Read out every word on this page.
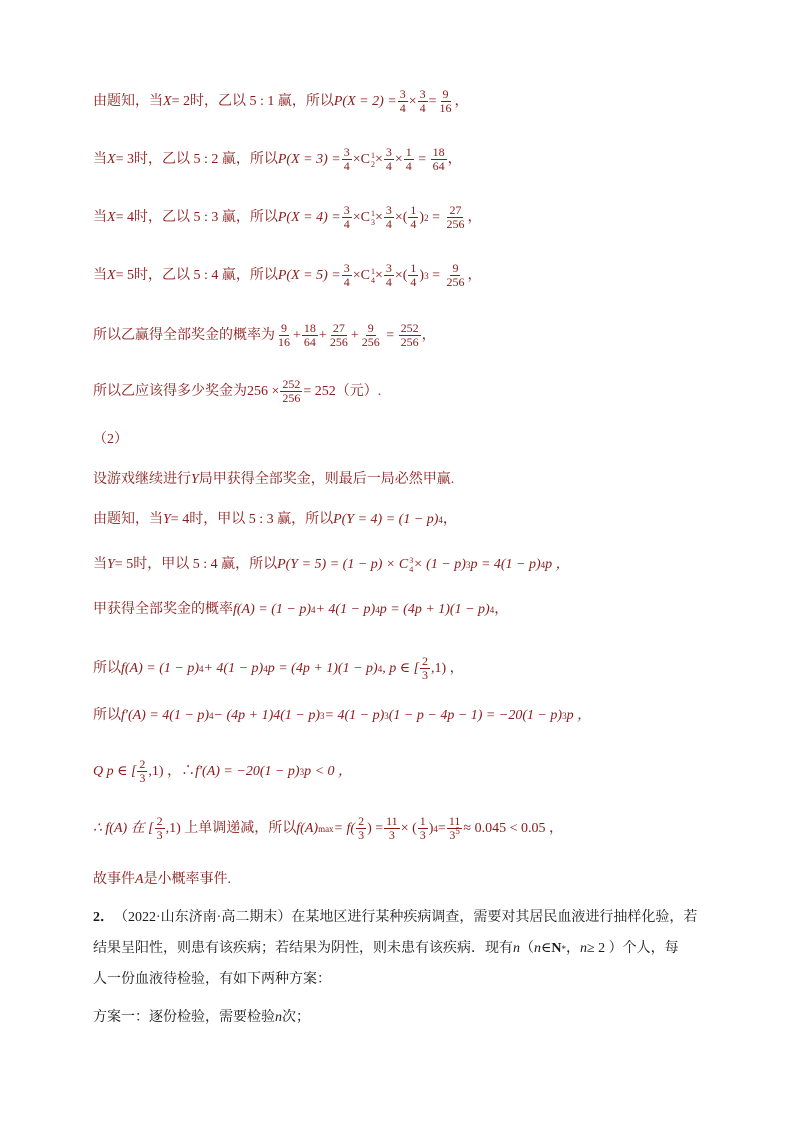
由题知，当 X = 2时，乙以 5 : 1 赢，所以 $P(X = 2) = \frac{3}{4} \times \frac{3}{4} = \frac{9}{16}$ ，
当 X = 3时，乙以 5 : 2 赢，所以 $P(X = 3) = \frac{3}{4} \times C$ 1
$2 \times \frac{3}{4} \times \frac{1}{4} = \frac{18}{64}$ ，
当 X = 4时，乙以 5 : 3 赢，所以 $P(X = 4) = \frac{3}{4} \times C$ 1
$3 \times \frac{3}{4}$ ×( $\frac{1}{4}$ ) $2 = \frac{27}{256}$ ，
当 X = 5时，乙以 5 : 4 赢，所以 $P(X = 5) = \frac{3}{4} \times C$ 1
$4 \times \frac{3}{4}$ ×( $\frac{1}{4}$ ) $3 = \frac{9}{256}$ ，
所以乙赢得全部奖金的概率为 $\frac{9}{16} + \frac{18}{64} + \frac{27}{256} + \frac{9}{256} = \frac{252}{256}$ ，
所以乙应该得多少奖金为 $256 \times \frac{252}{256} = 252$（元）.
（2）
设游戏继续进行 Y 局甲获得全部奖金，则最后一局必然甲赢.
由题知，当 Y = 4时，甲以 5 : 3 赢，所以 P(Y = 4) = (1 − p) 4 ，
当 Y = 5时，甲以 5 : 4 赢，所以 P(Y = 5) = (1 − p) × C 3
4 × (1 − p) 3 p = 4(1 − p) 4 p ，
甲获得全部奖金的概率 f(A) = (1 − p) 4 + 4(1 − p) 4 p = (4p + 1)(1 − p) 4 ，
所以 f(A) = (1 − p) 4 + 4(1 − p) 4 p = (4p + 1)(1 − p) 4 , p ∈ [ $\frac{2}{3} ,1$) ，
所以 f′(A) = 4(1 − p) 4 − (4p + 1)4(1 − p) 3 = 4(1 − p) 3 (1 − p − 4p − 1) = −20(1 − p) 3 p ，
Q p ∈ [ $\frac{2}{3} ,1$) ，∴ f′(A) = −20(1 − p) 3 p < 0 ，
∴ f(A) 在 [ $\frac{2}{3} ,1$) 上单调递减，所以 f(A) $\max = f( \frac{2}{3}$ ) = $\frac{11}{3}$ × ( $\frac{1}{3}$ ) $4 = \frac{11}{3^5} \approx 0.045 < 0.05$ ，
故事件 A 是小概率事件.
2． （2022·山东济南·高二期末）在某地区进行某种疾病调查，需要对其居民血液进行抽样化验，若
结果呈阳性，则患有该疾病；若结果为阴性，则未患有该疾病．现有 n （ n ∈ N * ， n ≥ 2 ）个人，每
人一份血液待检验，有如下两种方案：
方案一：逐份检验，需要检验 n 次；
